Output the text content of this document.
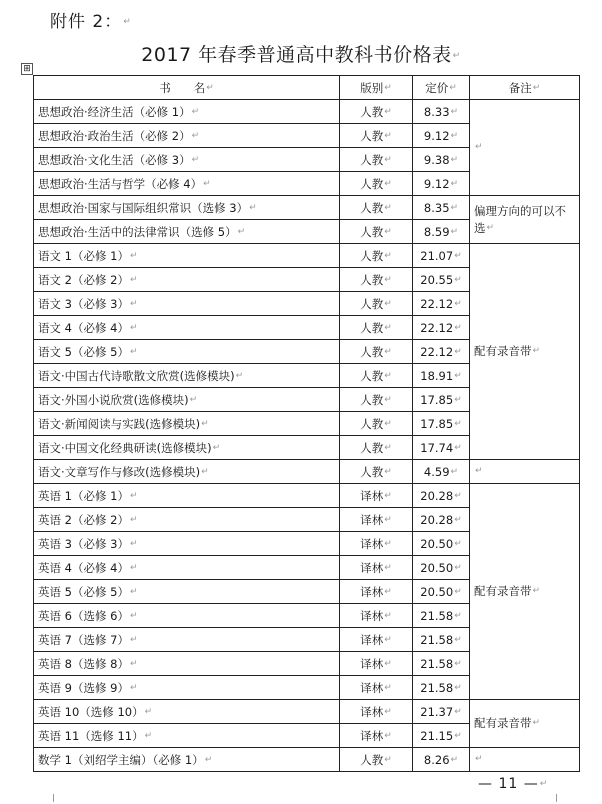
附件 2：↵
2017 年春季普通高中教科书价格表↵
⊞
书　　名↵	版别↵	定价↵	备注↵
思想政治·经济生活（必修 1）↵	人教↵	8.33↵	↵
思想政治·政治生活（必修 2）↵	人教↵	9.12↵	
思想政治·文化生活（必修 3）↵	人教↵	9.38↵	
思想政治·生活与哲学（必修 4）↵	人教↵	9.12↵	
思想政治·国家与国际组织常识（选修 3）↵	人教↵	8.35↵	偏理方向的可以不选↵
思想政治·生活中的法律常识（选修 5）↵	人教↵	8.59↵	
语文 1（必修 1）↵	人教↵	21.07↵	配有录音带↵
语文 2（必修 2）↵	人教↵	20.55↵	
语文 3（必修 3）↵	人教↵	22.12↵	
语文 4（必修 4）↵	人教↵	22.12↵	
语文 5（必修 5）↵	人教↵	22.12↵	
语文·中国古代诗歌散文欣赏(选修模块)↵	人教↵	18.91↵	
语文·外国小说欣赏(选修模块)↵	人教↵	17.85↵	
语文·新闻阅读与实践(选修模块)↵	人教↵	17.85↵	
语文·中国文化经典研读(选修模块)↵	人教↵	17.74↵	
语文·文章写作与修改(选修模块)↵	人教↵	4.59↵	↵
英语 1（必修 1）↵	译林↵	20.28↵	配有录音带↵
英语 2（必修 2）↵	译林↵	20.28↵	
英语 3（必修 3）↵	译林↵	20.50↵	
英语 4（必修 4）↵	译林↵	20.50↵	
英语 5（必修 5）↵	译林↵	20.50↵	
英语 6（选修 6）↵	译林↵	21.58↵	
英语 7（选修 7）↵	译林↵	21.58↵	
英语 8（选修 8）↵	译林↵	21.58↵	
英语 9（选修 9）↵	译林↵	21.58↵	
英语 10（选修 10）↵	译林↵	21.37↵	配有录音带↵
英语 11（选修 11）↵	译林↵	21.15↵	
数学 1（刘绍学主编）（必修 1）↵	人教↵	8.26↵	↵
— 11 —↵
